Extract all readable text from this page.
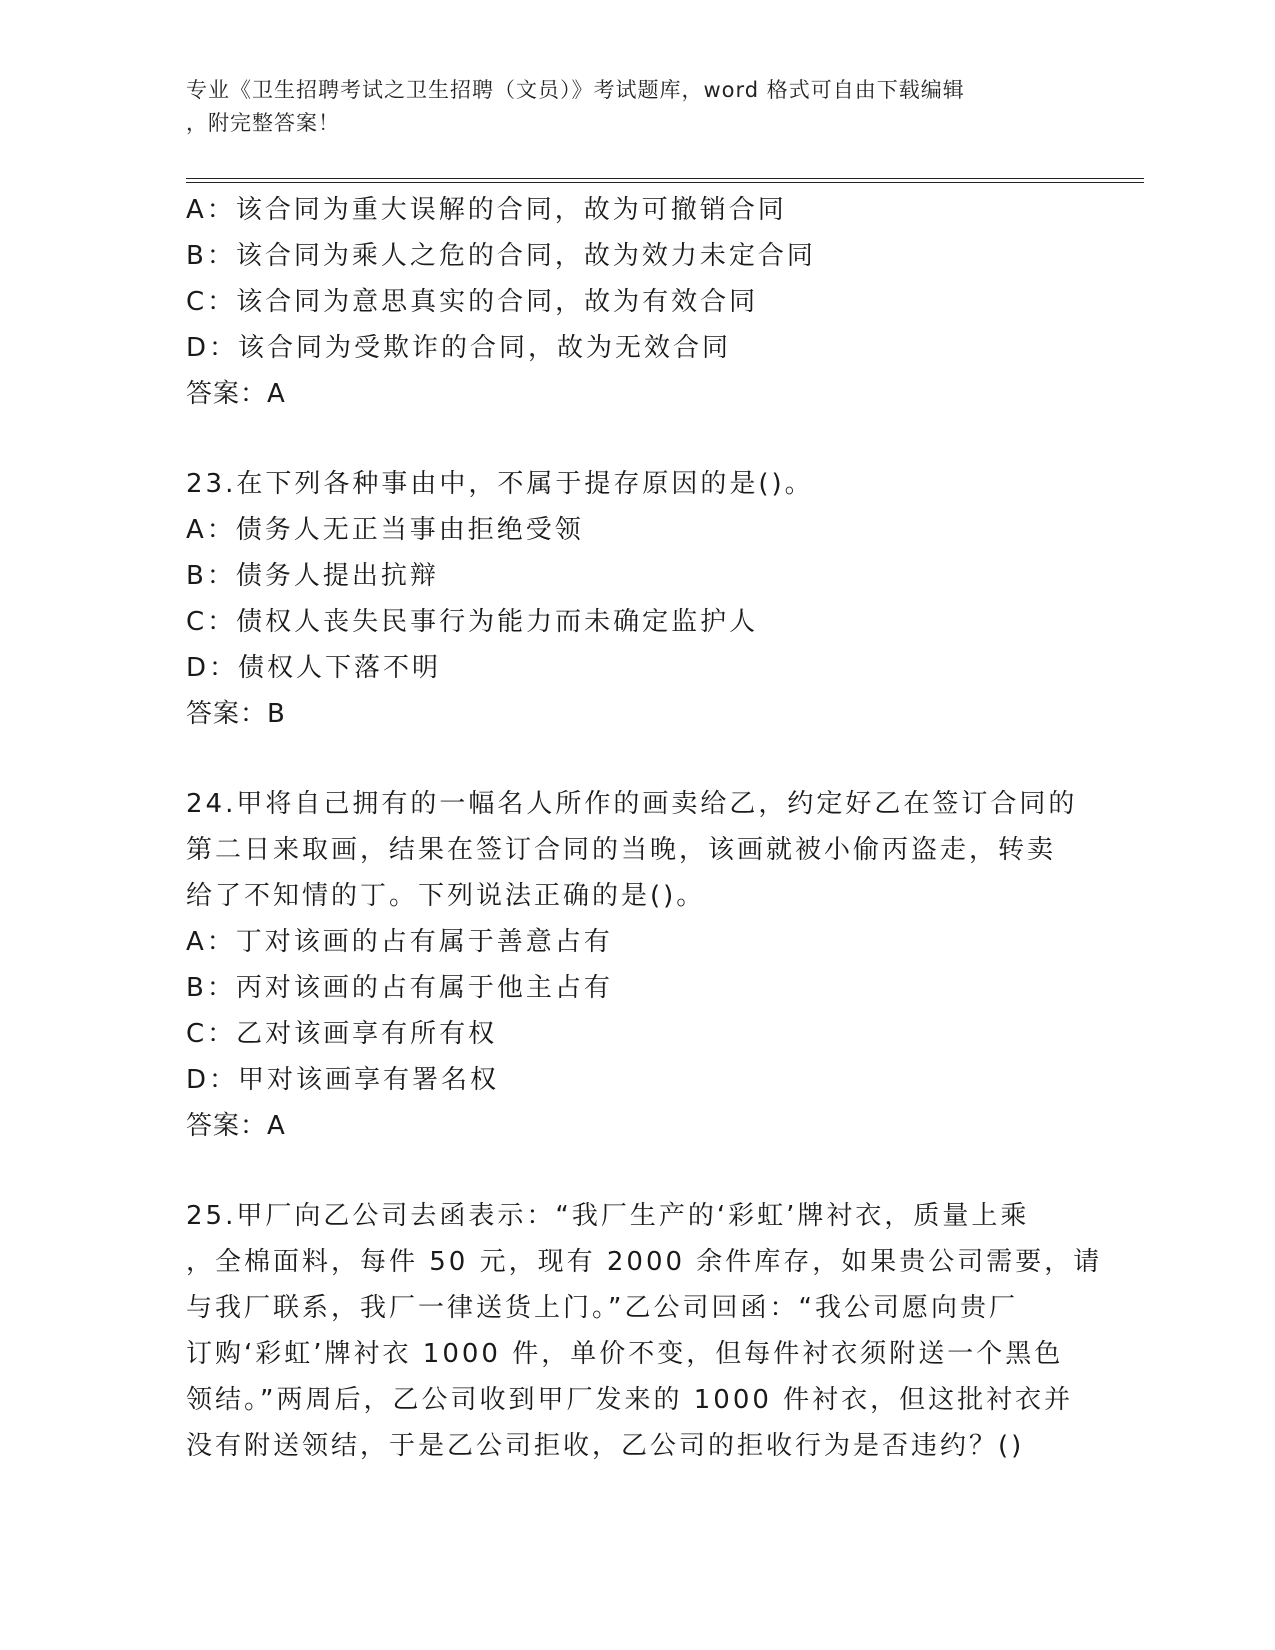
专业《卫生招聘考试之卫生招聘（文员）》考试题库，word 格式可自由下载编辑
，附完整答案！
A：该合同为重大误解的合同，故为可撤销合同
B：该合同为乘人之危的合同，故为效力未定合同
C：该合同为意思真实的合同，故为有效合同
D：该合同为受欺诈的合同，故为无效合同
答案：A
23.在下列各种事由中，不属于提存原因的是()。
A：债务人无正当事由拒绝受领
B：债务人提出抗辩
C：债权人丧失民事行为能力而未确定监护人
D：债权人下落不明
答案：B
24.甲将自己拥有的一幅名人所作的画卖给乙，约定好乙在签订合同的
第二日来取画，结果在签订合同的当晚，该画就被小偷丙盗走，转卖
给了不知情的丁。下列说法正确的是()。
A：丁对该画的占有属于善意占有
B：丙对该画的占有属于他主占有
C：乙对该画享有所有权
D：甲对该画享有署名权
答案：A
25.甲厂向乙公司去函表示：“我厂生产的‘彩虹’牌衬衣，质量上乘
，全棉面料，每件 50 元，现有 2000 余件库存，如果贵公司需要，请
与我厂联系，我厂一律送货上门。”乙公司回函：“我公司愿向贵厂
订购‘彩虹’牌衬衣 1000 件，单价不变，但每件衬衣须附送一个黑色
领结。”两周后，乙公司收到甲厂发来的 1000 件衬衣，但这批衬衣并
没有附送领结，于是乙公司拒收，乙公司的拒收行为是否违约？()
